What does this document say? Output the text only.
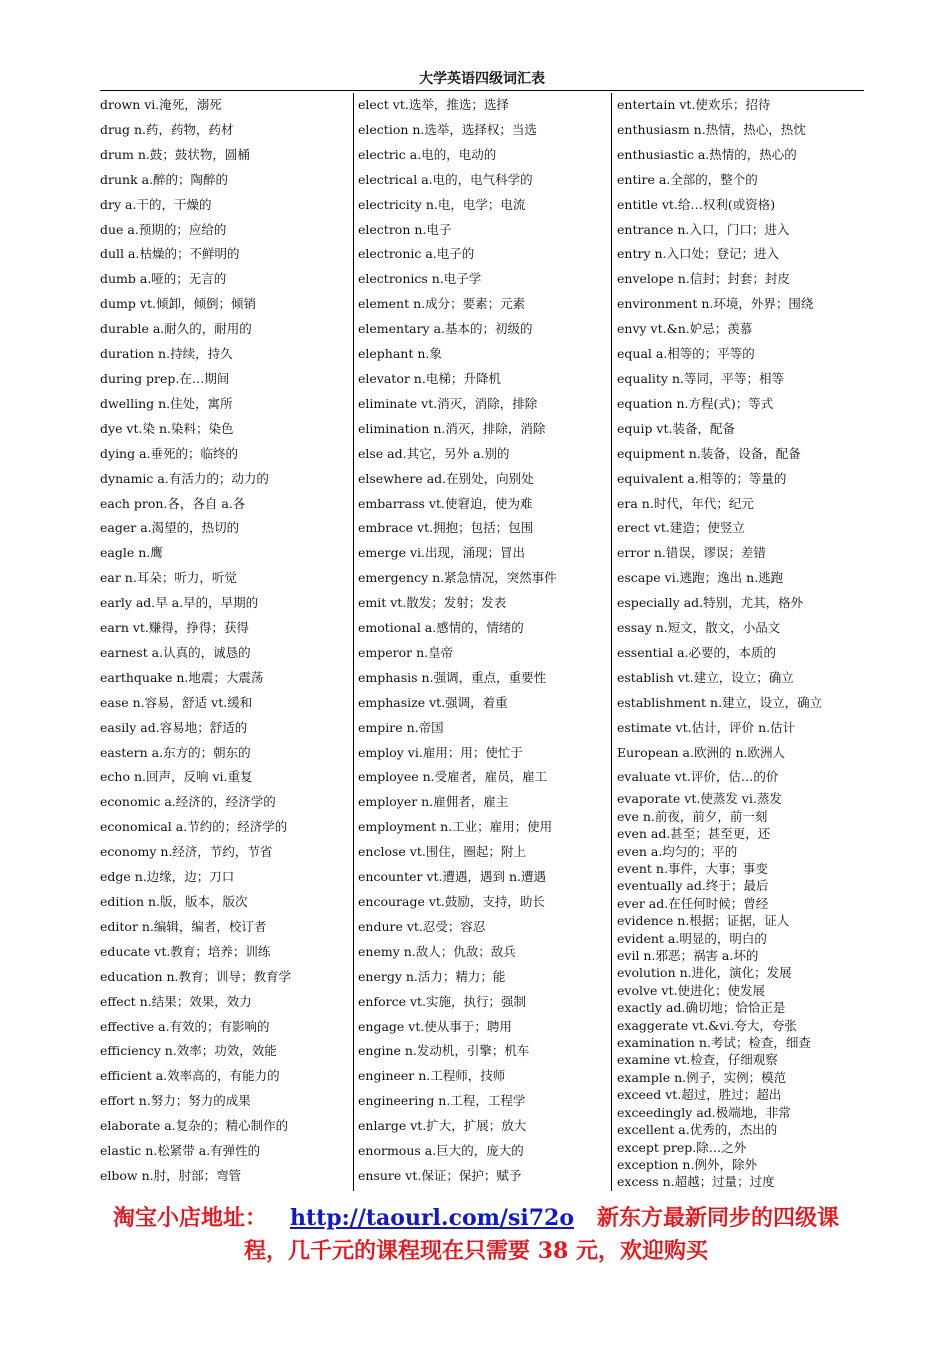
大学英语四级词汇表
drown vi.淹死，溺死
drug n.药，药物，药材
drum n.鼓；鼓状物，圆桶
drunk a.醉的；陶醉的
dry a.干的，干燥的
due a.预期的；应给的
dull a.枯燥的；不鲜明的
dumb a.哑的；无言的
dump vt.倾卸，倾倒；倾销
durable a.耐久的，耐用的
duration n.持续，持久
during prep.在…期间
dwelling n.住处，寓所
dye vt.染 n.染料；染色
dying a.垂死的；临终的
dynamic a.有活力的；动力的
each pron.各，各自 a.各
eager a.渴望的，热切的
eagle n.鹰
ear n.耳朵；听力，听觉
early ad.早 a.早的，早期的
earn vt.赚得，挣得；获得
earnest a.认真的，诚恳的
earthquake n.地震；大震荡
ease n.容易，舒适 vt.缓和
easily ad.容易地；舒适的
eastern a.东方的；朝东的
echo n.回声，反响 vi.重复
economic a.经济的，经济学的
economical a.节约的；经济学的
economy n.经济，节约，节省
edge n.边缘，边；刀口
edition n.版，版本，版次
editor n.编辑，编者，校订者
educate vt.教育；培养；训练
education n.教育；训导；教育学
effect n.结果；效果，效力
effective a.有效的；有影响的
efficiency n.效率；功效，效能
efficient a.效率高的，有能力的
effort n.努力；努力的成果
elaborate a.复杂的；精心制作的
elastic n.松紧带 a.有弹性的
elbow n.肘，肘部；弯管
elect vt.选举，推选；选择
election n.选举，选择权；当选
electric a.电的，电动的
electrical a.电的，电气科学的
electricity n.电，电学；电流
electron n.电子
electronic a.电子的
electronics n.电子学
element n.成分；要素；元素
elementary a.基本的；初级的
elephant n.象
elevator n.电梯；升降机
eliminate vt.消灭，消除，排除
elimination n.消灭，排除，消除
else ad.其它，另外 a.别的
elsewhere ad.在别处，向别处
embarrass vt.使窘迫，使为难
embrace vt.拥抱；包括；包围
emerge vi.出现，涌现；冒出
emergency n.紧急情况，突然事件
emit vt.散发；发射；发表
emotional a.感情的，情绪的
emperor n.皇帝
emphasis n.强调，重点，重要性
emphasize vt.强调，着重
empire n.帝国
employ vi.雇用；用；使忙于
employee n.受雇者，雇员，雇工
employer n.雇佣者，雇主
employment n.工业；雇用；使用
enclose vt.围住，圈起；附上
encounter vt.遭遇，遇到 n.遭遇
encourage vt.鼓励，支持，助长
endure vt.忍受；容忍
enemy n.敌人；仇敌；敌兵
energy n.活力；精力；能
enforce vt.实施，执行；强制
engage vt.使从事于；聘用
engine n.发动机，引擎；机车
engineer n.工程师，技师
engineering n.工程，工程学
enlarge vt.扩大，扩展；放大
enormous a.巨大的，庞大的
ensure vt.保证；保护；赋予
entertain vt.使欢乐；招待
enthusiasm n.热情，热心，热忱
enthusiastic a.热情的，热心的
entire a.全部的，整个的
entitle vt.给…权利(或资格)
entrance n.入口，门口；进入
entry n.入口处；登记；进入
envelope n.信封；封套；封皮
environment n.环境，外界；围绕
envy vt.&n.妒忌；羡慕
equal a.相等的；平等的
equality n.等同，平等；相等
equation n.方程(式)；等式
equip vt.装备，配备
equipment n.装备，设备，配备
equivalent a.相等的；等量的
era n.时代，年代；纪元
erect vt.建造；使竖立
error n.错误，谬误；差错
escape vi.逃跑；逸出 n.逃跑
especially ad.特别，尤其，格外
essay n.短文，散文，小品文
essential a.必要的，本质的
establish vt.建立，设立；确立
establishment n.建立，设立，确立
estimate vt.估计，评价 n.估计
European a.欧洲的 n.欧洲人
evaluate vt.评价，估…的价
evaporate vt.使蒸发 vi.蒸发
eve n.前夜，前夕，前一刻
even ad.甚至；甚至更，还
even a.均匀的；平的
event n.事件，大事；事变
eventually ad.终于；最后
ever ad.在任何时候；曾经
evidence n.根据；证据，证人
evident a.明显的，明白的
evil n.邪恶；祸害 a.坏的
evolution n.进化，演化；发展
evolve vt.使进化；使发展
exactly ad.确切地；恰恰正是
exaggerate vt.&vi.夸大，夸张
examination n.考试；检查，细查
examine vt.检查，仔细观察
example n.例子，实例；模范
exceed vt.超过，胜过；超出
exceedingly ad.极端地，非常
excellent a.优秀的，杰出的
except prep.除…之外
exception n.例外，除外
excess n.超越；过量；过度
淘宝小店地址： http://taourl.com/si72o 新东方最新同步的四级课
程，几千元的课程现在只需要 38 元，欢迎购买
